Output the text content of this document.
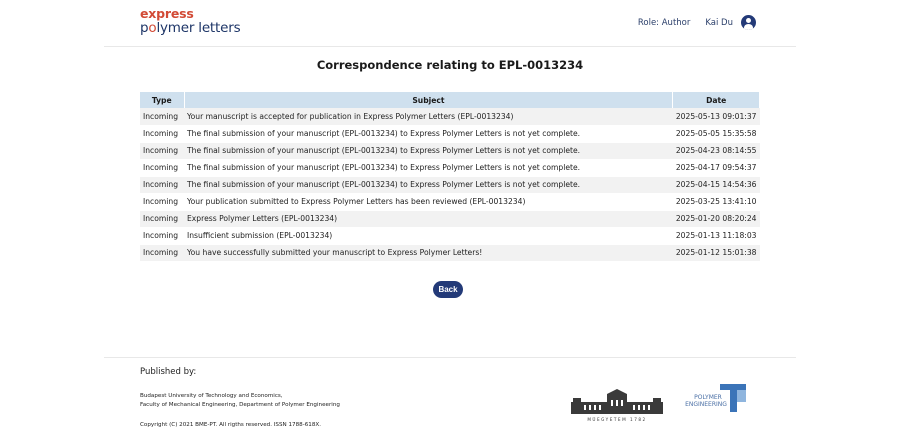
express
polymer letters	Role: Author Kai Du
Correspondence relating to EPL-0013234
Type	Subject	Date
Incoming	Your manuscript is accepted for publication in Express Polymer Letters (EPL-0013234)	2025-05-13 09:01:37
Incoming	The final submission of your manuscript (EPL-0013234) to Express Polymer Letters is not yet complete.	2025-05-05 15:35:58
Incoming	The final submission of your manuscript (EPL-0013234) to Express Polymer Letters is not yet complete.	2025-04-23 08:14:55
Incoming	The final submission of your manuscript (EPL-0013234) to Express Polymer Letters is not yet complete.	2025-04-17 09:54:37
Incoming	The final submission of your manuscript (EPL-0013234) to Express Polymer Letters is not yet complete.	2025-04-15 14:54:36
Incoming	Your publication submitted to Express Polymer Letters has been reviewed (EPL-0013234)	2025-03-25 13:41:10
Incoming	Express Polymer Letters (EPL-0013234)	2025-01-20 08:20:24
Incoming	Insufficient submission (EPL-0013234)	2025-01-13 11:18:03
Incoming	You have successfully submitted your manuscript to Express Polymer Letters!	2025-01-12 15:01:38
Back
Published by:
Budapest University of Technology and Economics,
Faculty of Mechanical Engineering, Department of Polymer Engineering
Copyright (C) 2021 BME-PT. All rigths reserved. ISSN 1788-618X.
MŰEGYETEM 1782
POLYMER
ENGINEERING
